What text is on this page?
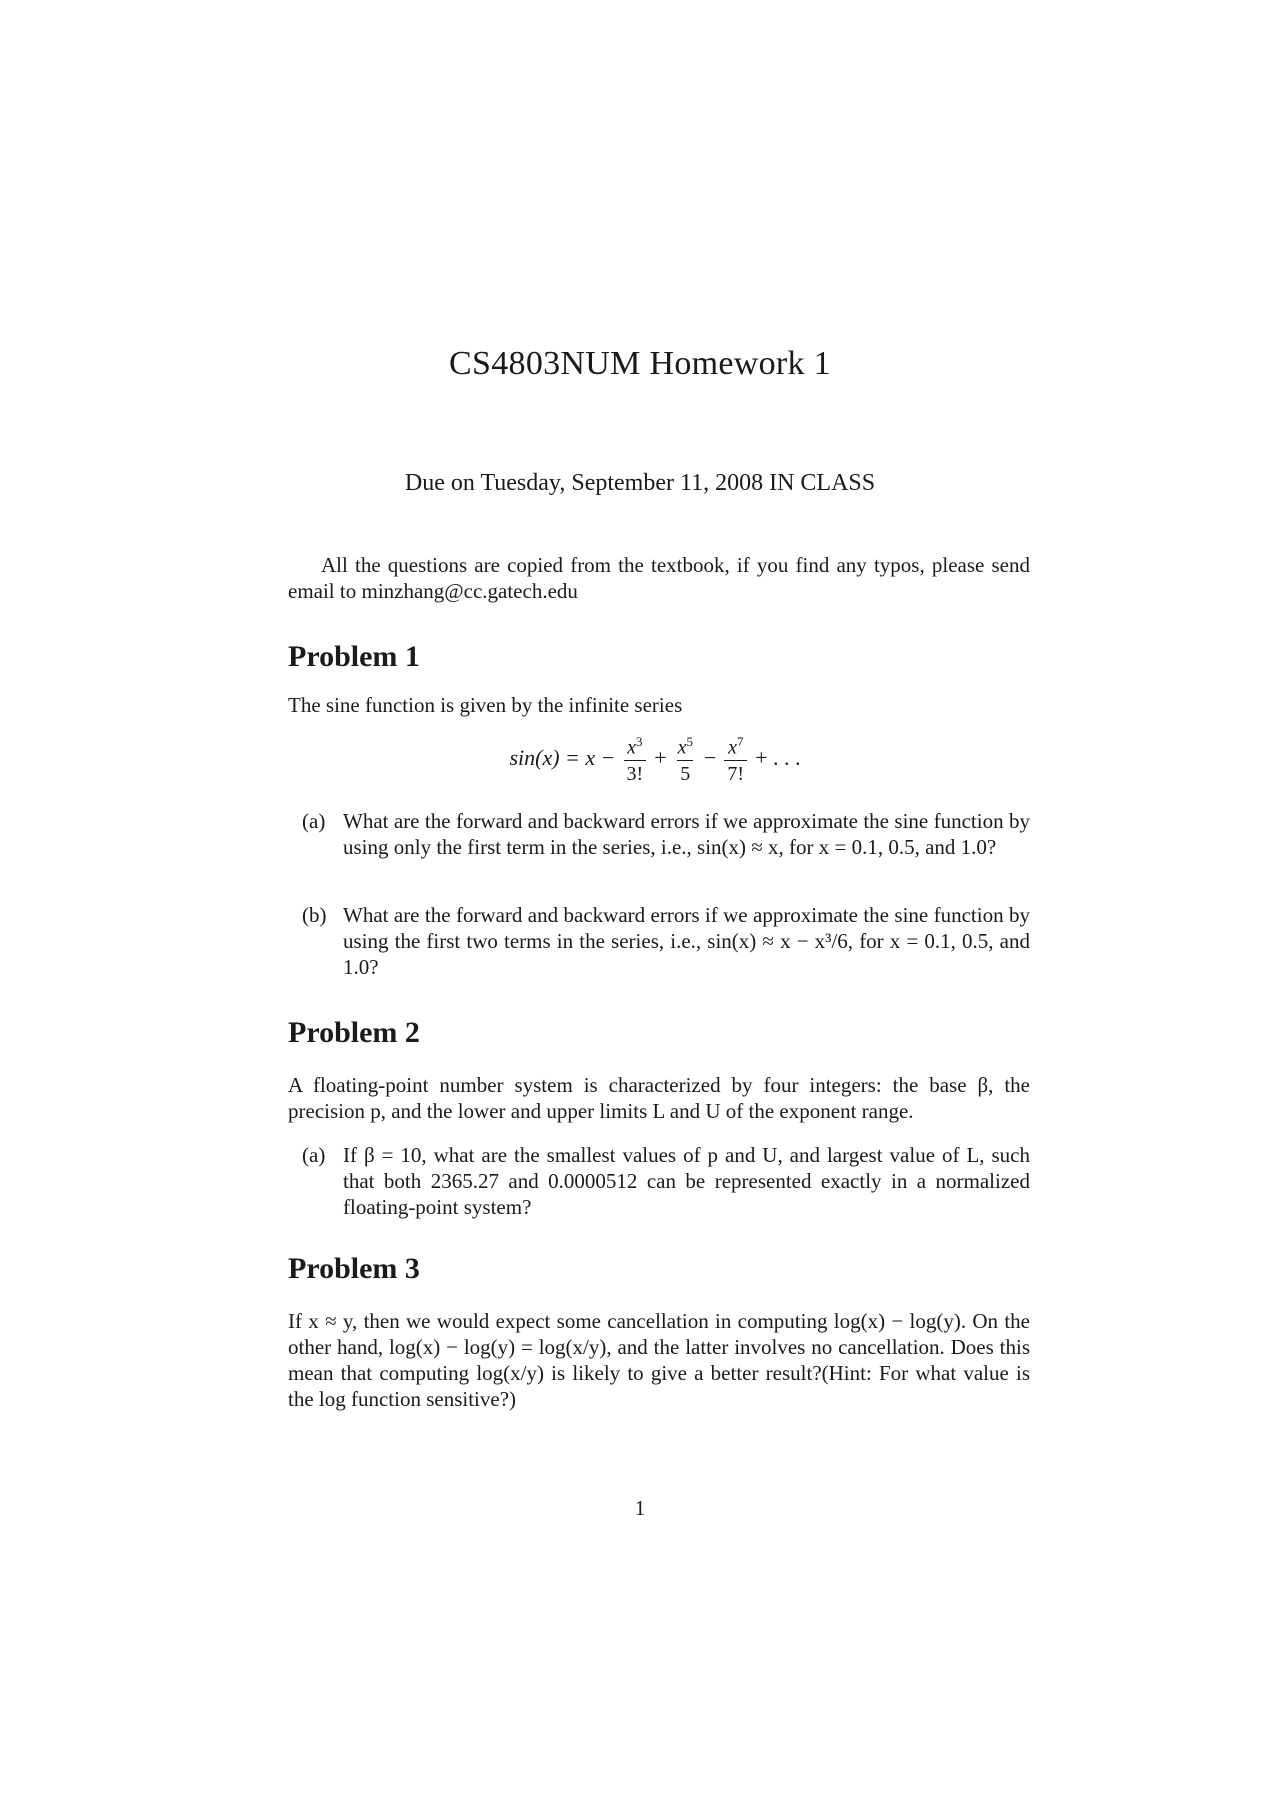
CS4803NUM Homework 1
Due on Tuesday, September 11, 2008 IN CLASS

All the questions are copied from the textbook, if you find any typos, please send email to minzhang@cc.gatech.edu

Problem 1

The sine function is given by the infinite series

$\sin(x) = x - \frac{x^3}{3!} + \frac{x^5}{5} - \frac{x^7}{7!}$ + . . .
(a) What are the forward and backward errors if we approximate the sine function by using only the first term in the series, i.e., sin(x) ≈ x, for x = 0.1, 0.5, and 1.0?
(b) What are the forward and backward errors if we approximate the sine function by using the first two terms in the series, i.e., sin(x) ≈ x − x³/6, for x = 0.1, 0.5, and 1.0?
Problem 2

A floating-point number system is characterized by four integers: the base β, the precision p, and the lower and upper limits L and U of the exponent range.

(a) If β = 10, what are the smallest values of p and U, and largest value of L, such that both 2365.27 and 0.0000512 can be represented exactly in a normalized floating-point system?
Problem 3

If x ≈ y, then we would expect some cancellation in computing log(x) − log(y). On the other hand, log(x) − log(y) = log(x/y), and the latter involves no cancellation. Does this mean that computing log(x/y) is likely to give a better result?(Hint: For what value is the log function sensitive?)

1
